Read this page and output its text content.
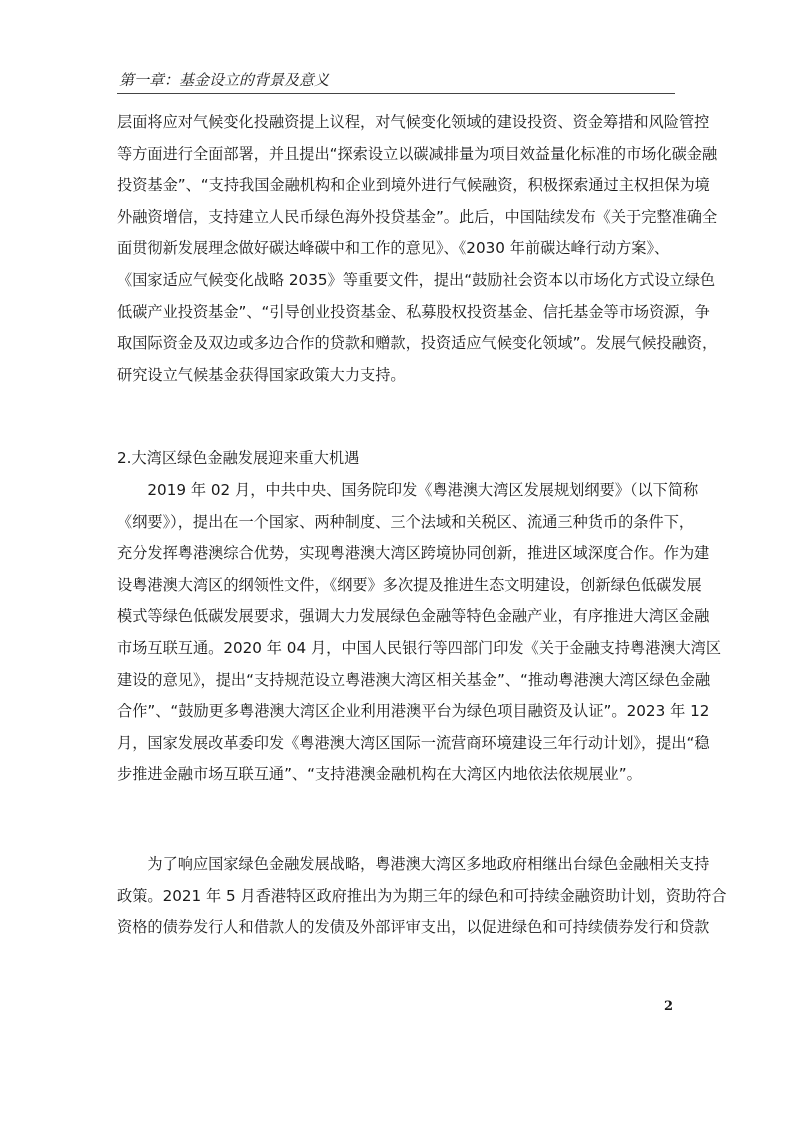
第一章：基金设立的背景及意义
层面将应对气候变化投融资提上议程，对气候变化领域的建设投资、资金筹措和风险管控
等方面进行全面部署，并且提出“探索设立以碳减排量为项目效益量化标准的市场化碳金融
投资基金”、“支持我国金融机构和企业到境外进行气候融资，积极探索通过主权担保为境
外融资增信，支持建立人民币绿色海外投贷基金”。此后，中国陆续发布《关于完整准确全
面贯彻新发展理念做好碳达峰碳中和工作的意见》、《2030 年前碳达峰行动方案》、
《国家适应气候变化战略 2035》等重要文件，提出“鼓励社会资本以市场化方式设立绿色
低碳产业投资基金”、“引导创业投资基金、私募股权投资基金、信托基金等市场资源，争
取国际资金及双边或多边合作的贷款和赠款，投资适应气候变化领域”。发展气候投融资，
研究设立气候基金获得国家政策大力支持。
2.大湾区绿色金融发展迎来重大机遇
　　2019 年 02 月，中共中央、国务院印发《粤港澳大湾区发展规划纲要》（以下简称
《纲要》），提出在一个国家、两种制度、三个法域和关税区、流通三种货币的条件下，
充分发挥粤港澳综合优势，实现粤港澳大湾区跨境协同创新，推进区域深度合作。作为建
设粤港澳大湾区的纲领性文件，《纲要》多次提及推进生态文明建设，创新绿色低碳发展
模式等绿色低碳发展要求，强调大力发展绿色金融等特色金融产业，有序推进大湾区金融
市场互联互通。2020 年 04 月，中国人民银行等四部门印发《关于金融支持粤港澳大湾区
建设的意见》，提出“支持规范设立粤港澳大湾区相关基金”、“推动粤港澳大湾区绿色金融
合作”、“鼓励更多粤港澳大湾区企业利用港澳平台为绿色项目融资及认证”。2023 年 12
月，国家发展改革委印发《粤港澳大湾区国际一流营商环境建设三年行动计划》，提出“稳
步推进金融市场互联互通”、“支持港澳金融机构在大湾区内地依法依规展业”。
　　为了响应国家绿色金融发展战略，粤港澳大湾区多地政府相继出台绿色金融相关支持
政策。2021 年 5 月香港特区政府推出为为期三年的绿色和可持续金融资助计划，资助符合
资格的债券发行人和借款人的发债及外部评审支出，以促进绿色和可持续债券发行和贷款
2
